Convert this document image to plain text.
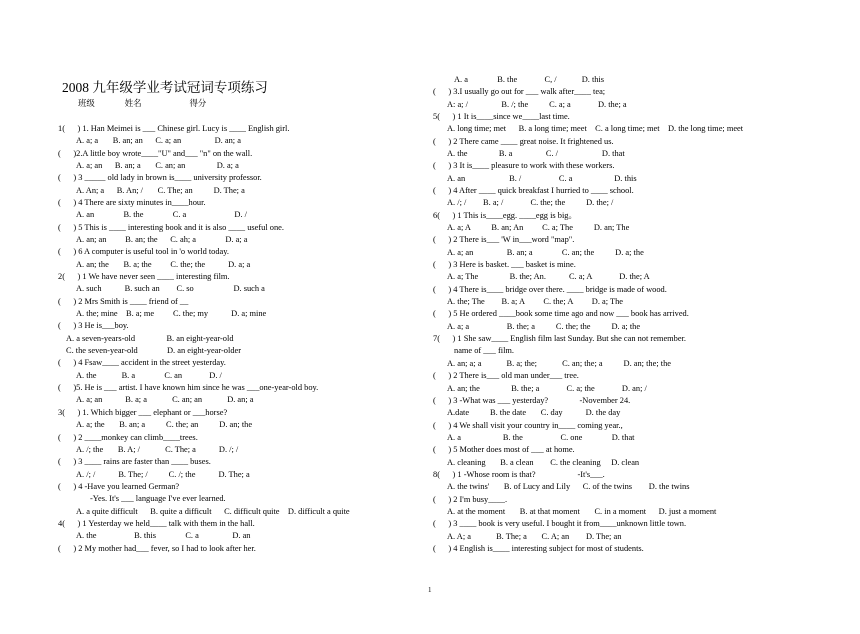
2008 九年级学业考试冠词专项练习
班级	姓名	得分
1(      ) 1. Han Meimei is ___ Chinese girl. Lucy is ____ English girl.
A. a; a       B. an; an      C. a; an                D. an; a
(      )2.A little boy wrote____"U" and___ "n" on the wall.
A. a; an      B. an; a       C. an; an               D. a; a
(      ) 3 _____ old lady in brown is____ university professor.
A. An; a      B. An; /       C. The; an          D. The; a
(      ) 4 There are sixty minutes in____hour.
A. an              B. the              C. a                       D. /
(      ) 5 This is ____ interesting book and it is also ____ useful one.
A. an; an         B. an; the      C. ah; a              D. a; a
(      ) 6 A computer is useful tool in 'o world today.
A. an; the       B. a; the         C. the; the           D. a; a
2(      ) 1 We have never seen ____ interesting film.
A. such           B. such an        C. so                   D. such a
(      ) 2 Mrs Smith is ____ friend of __
A. the; mine    B. a; me         C. the; my           D. a; mine
(      ) 3 He is___boy.
A. a seven-years-old               B. an eight-year-old
C. the seven-year-old              D. an eight-year-older
(      ) 4 Fsaw____ accident in the street yesterday.
A. the            B. a              C. an             D. /
(      )5. He is ___ artist. I have known him since he was ___one-year-old boy.
A. a; an           B. a; a            C. an; an            D. an; a
3(      ) 1. Which bigger ___ elephant or ___horse?
A. a; the       B. an; a          C. the; an          D. an; the
(      ) 2 ____monkey can climb____trees.
A. /; the       B. A; /            C. The; a           D. /; /
(      ) 3 ____ rains are faster than ____ buses.
A. /; /           B. The; /          C. /; the           D. The; a
(      ) 4 -Have you learned German?
-Yes. It's ___ language I've ever learned.
A. a quite difficult      B. quite a difficult      C. difficult quite    D. difficult a quite
4(      ) 1 Yesterday we held____ talk with them in the hall.
A. the                  B. this              C. a                D. an
(      ) 2 My mother had___ fever, so I had to look after her.
A. a              B. the             C, /            D. this
(      ) 3.I usually go out for ___ walk after____ tea;
A: a; /                B. /; the          C. a; a             D. the; a
5(      ) 1 It is____since we____last time.
A. long time; met      B. a long time; meet    C. a long time; met    D. the long time; meet
(      ) 2 There came ____ great noise. It frightened us.
A. the               B. a                C. /                     D. that
(      ) 3 It is____ pleasure to work with these workers.
A. an                     B. /                  C. a                    D. this
(      ) 4 After ____ quick breakfast I hurried to ____ school.
A. /; /        B. a; /             C. the; the          D. the; /
6(      ) 1 This is____egg. ____egg is big。
A. a; A          B. an; An         C. a; The          D. an; The
(      ) 2 There is___ 'W in___word "map".
A. a; an                B. an; a              C. an; the          D. a; the
(      ) 3 Here is basket. ___ basket is mine.
A. a; The               B. the; An.           C. a; A             D. the; A
(      ) 4 There is____ bridge over there. ____ bridge is made of wood.
A. the; The        B. a; A         C. the; A         D. a; The
(      ) 5 He ordered ____book some time ago and now ___ book has arrived.
A. a; a                  B. the; a          C. the; the          D. a; the
7(      ) 1 She saw____ English film last Sunday. But she can not remember.
name of ___ film.
A. an; a; a            B. a; the;            C. an; the; a          D. an; the; the
(      ) 2 There is___ old man under___ tree.
A. an; the               B. the; a             C. a; the             D. an; /
(      ) 3 -What was ___ yesterday?               -November 24.
A.date          B. the date       C. day           D. the day
(      ) 4 We shall visit your country in____ coming year.,
A. a                    B. the                  C. one              D. that
(      ) 5 Mother does most of ___ at home.
A. cleaning       B. a clean        C. the cleaning     D. clean
8(      ) 1 -Whose room is that?                    -It's___.
A. the twins'       B. of Lucy and Lily      C. of the twins        D. the twins
(      ) 2 I'm busy____.
A. at the moment       B. at that moment       C. in a moment      D. just a moment
(      ) 3 ____ book is very useful. I bought it from____unknown little town.
A. A; a            B. The; a       C. A; an        D. The; an
(      ) 4 English is____ interesting subject for most of students.
1
